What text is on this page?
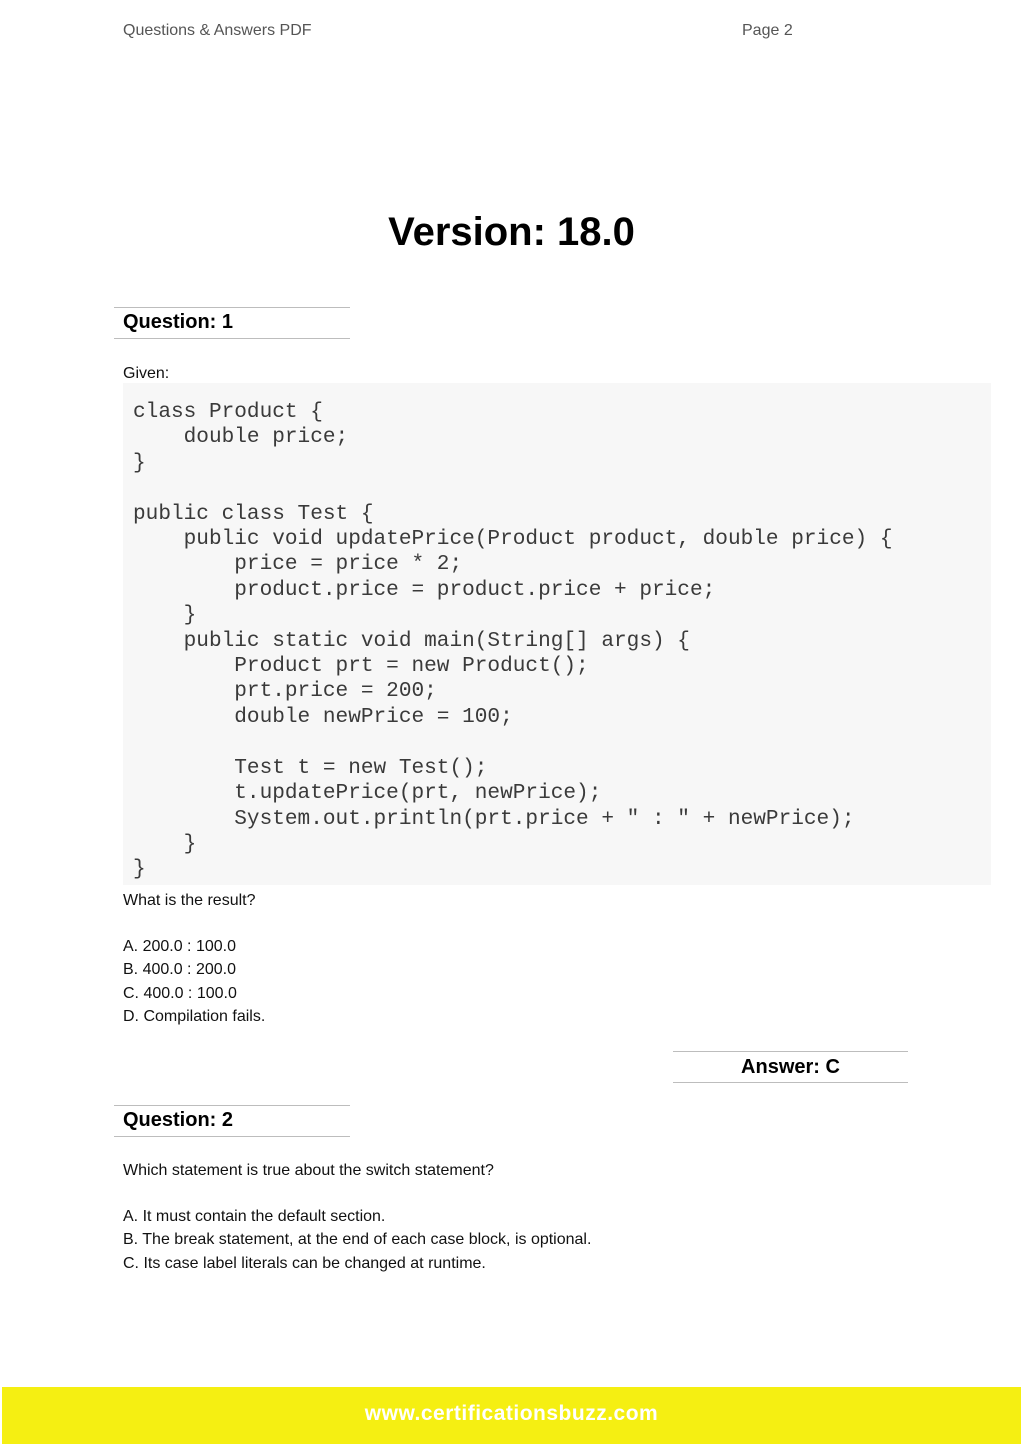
Questions & Answers PDF	Page 2
Version: 18.0
Question: 1
Given:
class Product {
double price;
}

public class Test {
public void updatePrice(Product product, double price) {
price = price * 2;
product.price = product.price + price;
}
public static void main(String[] args) {
Product prt = new Product();
prt.price = 200;
double newPrice = 100;

Test t = new Test();
t.updatePrice(prt, newPrice);
System.out.println(prt.price + " : " + newPrice);
}
}
What is the result?
A. 200.0 : 100.0
B. 400.0 : 200.0
C. 400.0 : 100.0
D. Compilation fails.
Answer: C
Question: 2
Which statement is true about the switch statement?
A. It must contain the default section.
B. The break statement, at the end of each case block, is optional.
C. Its case label literals can be changed at runtime.
www.certificationsbuzz.com
